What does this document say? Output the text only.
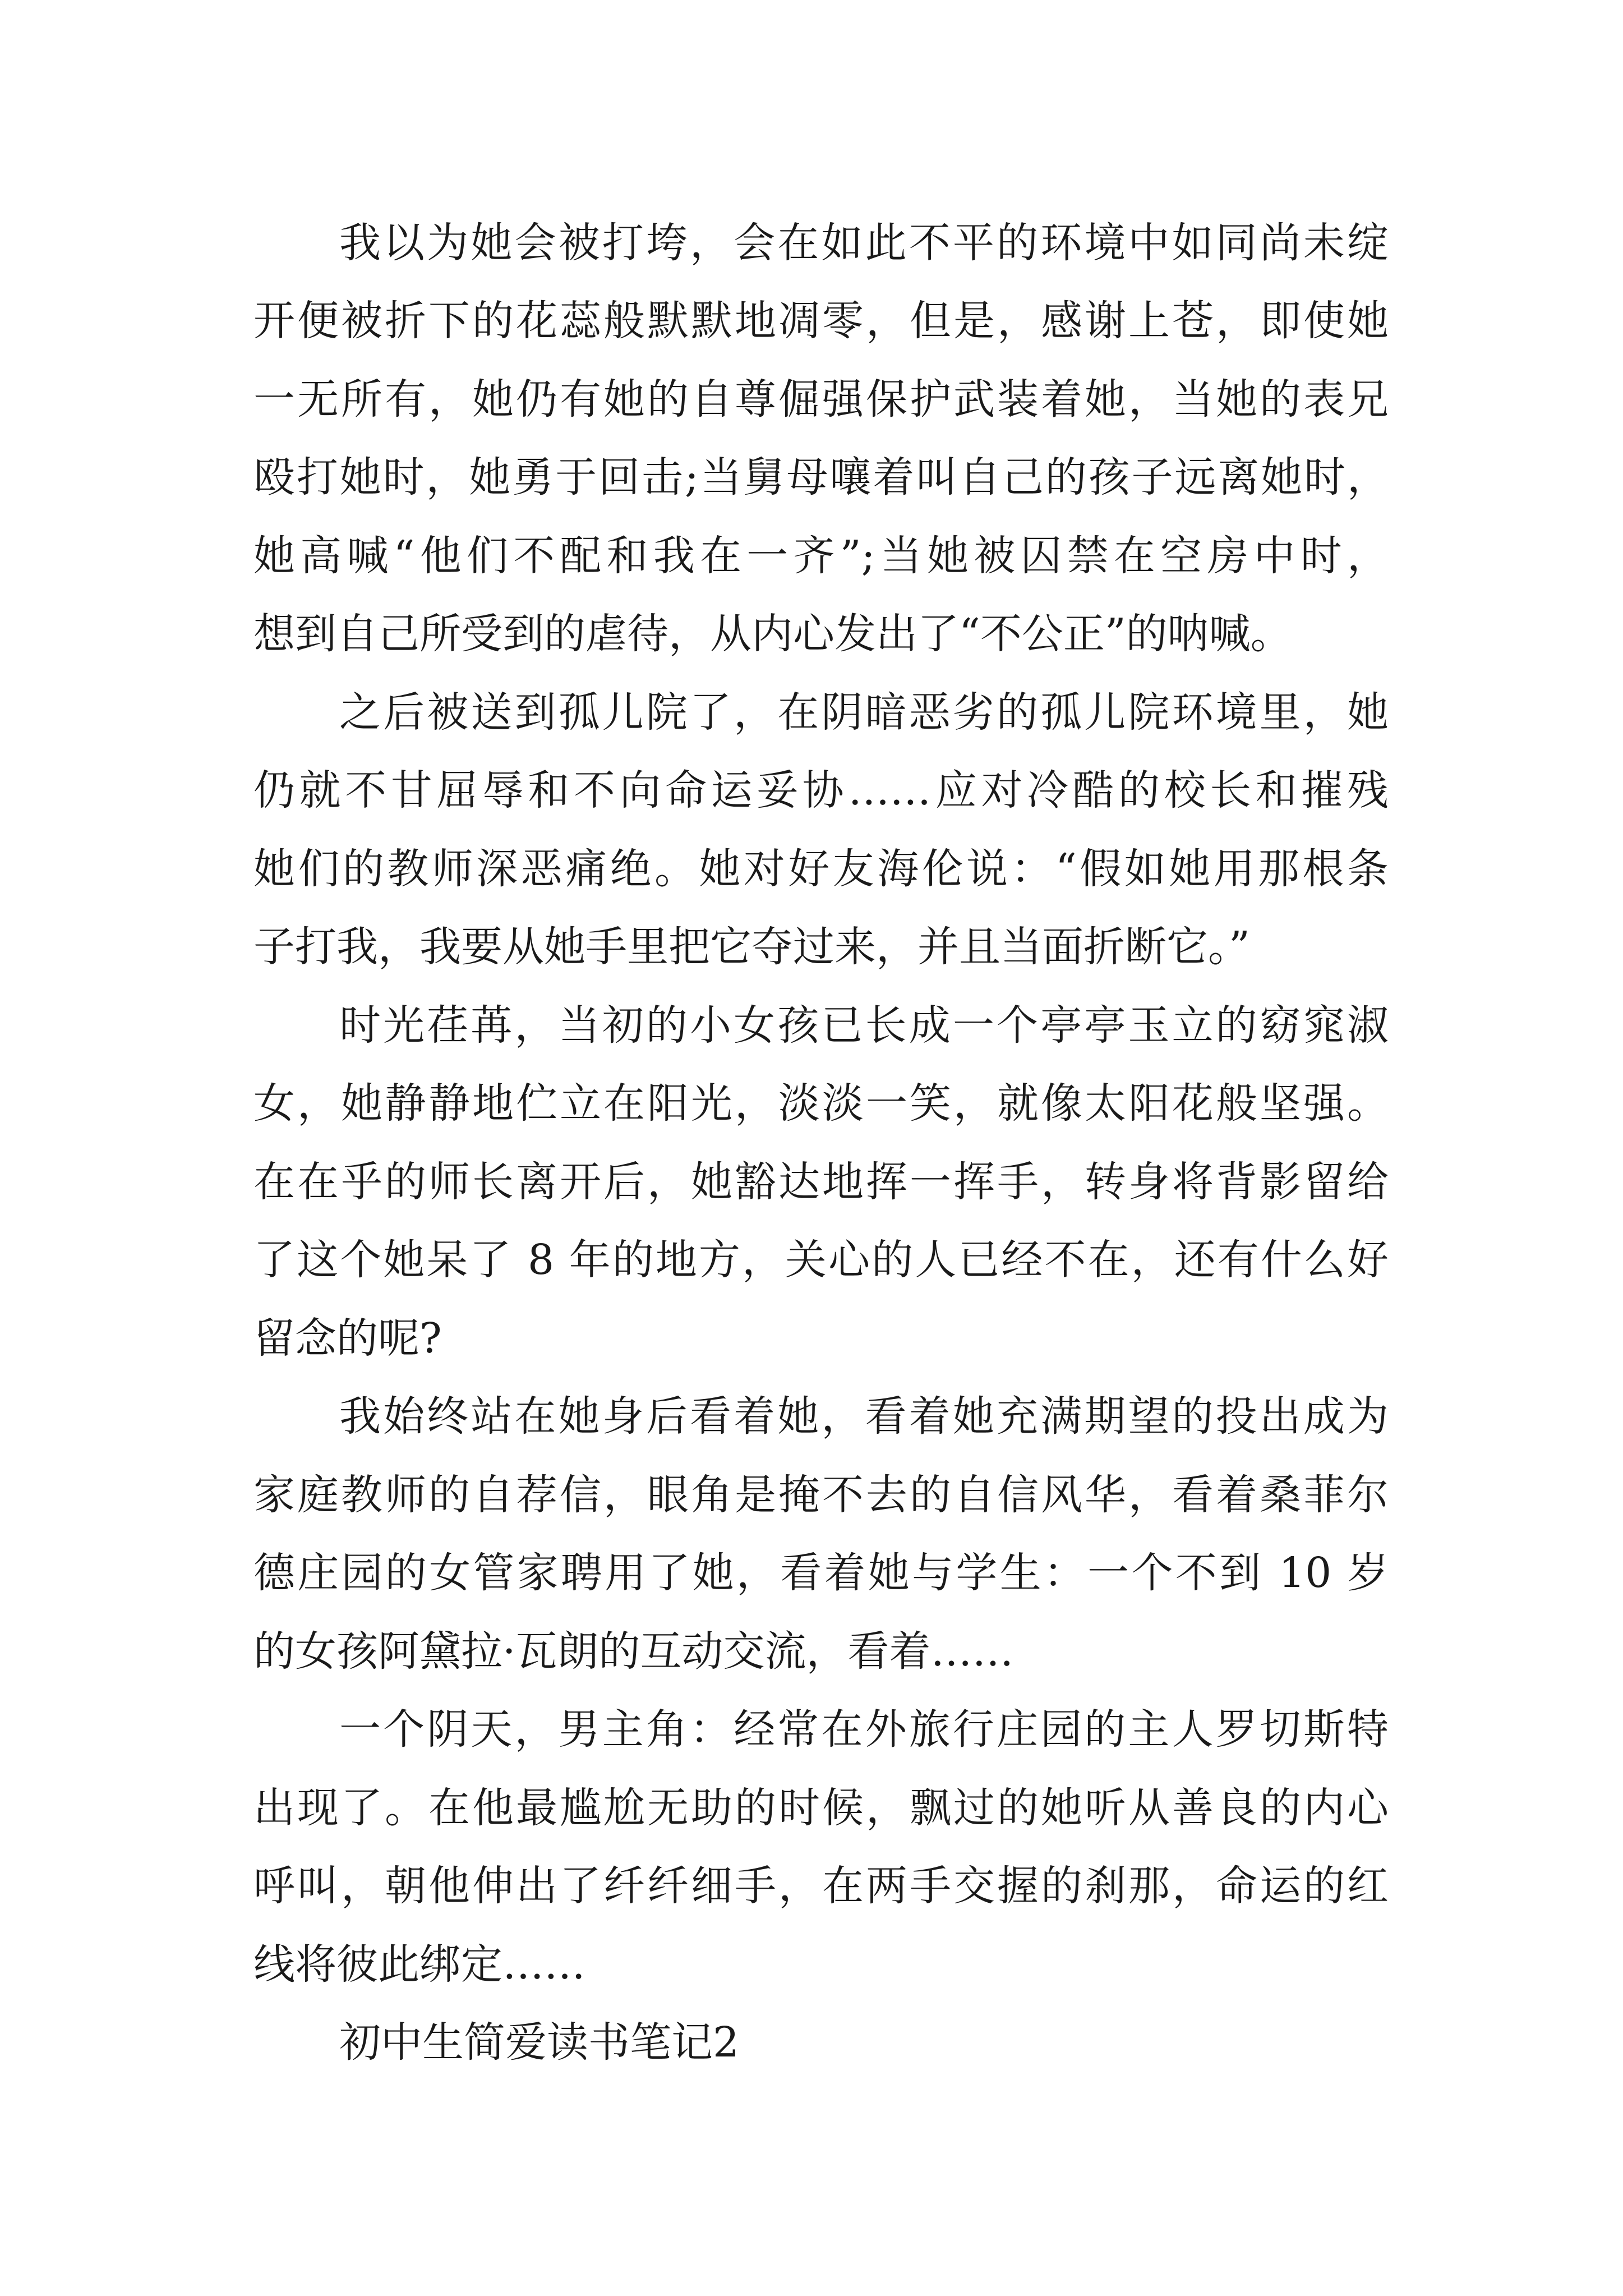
我以为她会被打垮，会在如此不平的环境中如同尚未绽
开便被折下的花蕊般默默地凋零，但是，感谢上苍，即使她
一无所有，她仍有她的自尊倔强保护武装着她，当她的表兄
殴打她时，她勇于回击;当舅母嚷着叫自己的孩子远离她时，
她高喊“他们不配和我在一齐”;当她被囚禁在空房中时，
想到自己所受到的虐待，从内心发出了“不公正”的呐喊。
之后被送到孤儿院了，在阴暗恶劣的孤儿院环境里，她
仍就不甘屈辱和不向命运妥协……应对冷酷的校长和摧残
她们的教师深恶痛绝。她对好友海伦说：“假如她用那根条
子打我，我要从她手里把它夺过来，并且当面折断它。”
时光荏苒，当初的小女孩已长成一个亭亭玉立的窈窕淑
女，她静静地伫立在阳光，淡淡一笑，就像太阳花般坚强。
在在乎的师长离开后，她豁达地挥一挥手，转身将背影留给
了这个她呆了 8 年的地方，关心的人已经不在，还有什么好
留念的呢?
我始终站在她身后看着她，看着她充满期望的投出成为
家庭教师的自荐信，眼角是掩不去的自信风华，看着桑菲尔
德庄园的女管家聘用了她，看着她与学生：一个不到 10 岁
的女孩阿黛拉·瓦朗的互动交流，看着……
一个阴天，男主角：经常在外旅行庄园的主人罗切斯特
出现了。在他最尴尬无助的时候，飘过的她听从善良的内心
呼叫，朝他伸出了纤纤细手，在两手交握的刹那，命运的红
线将彼此绑定……
初中生简爱读书笔记2
